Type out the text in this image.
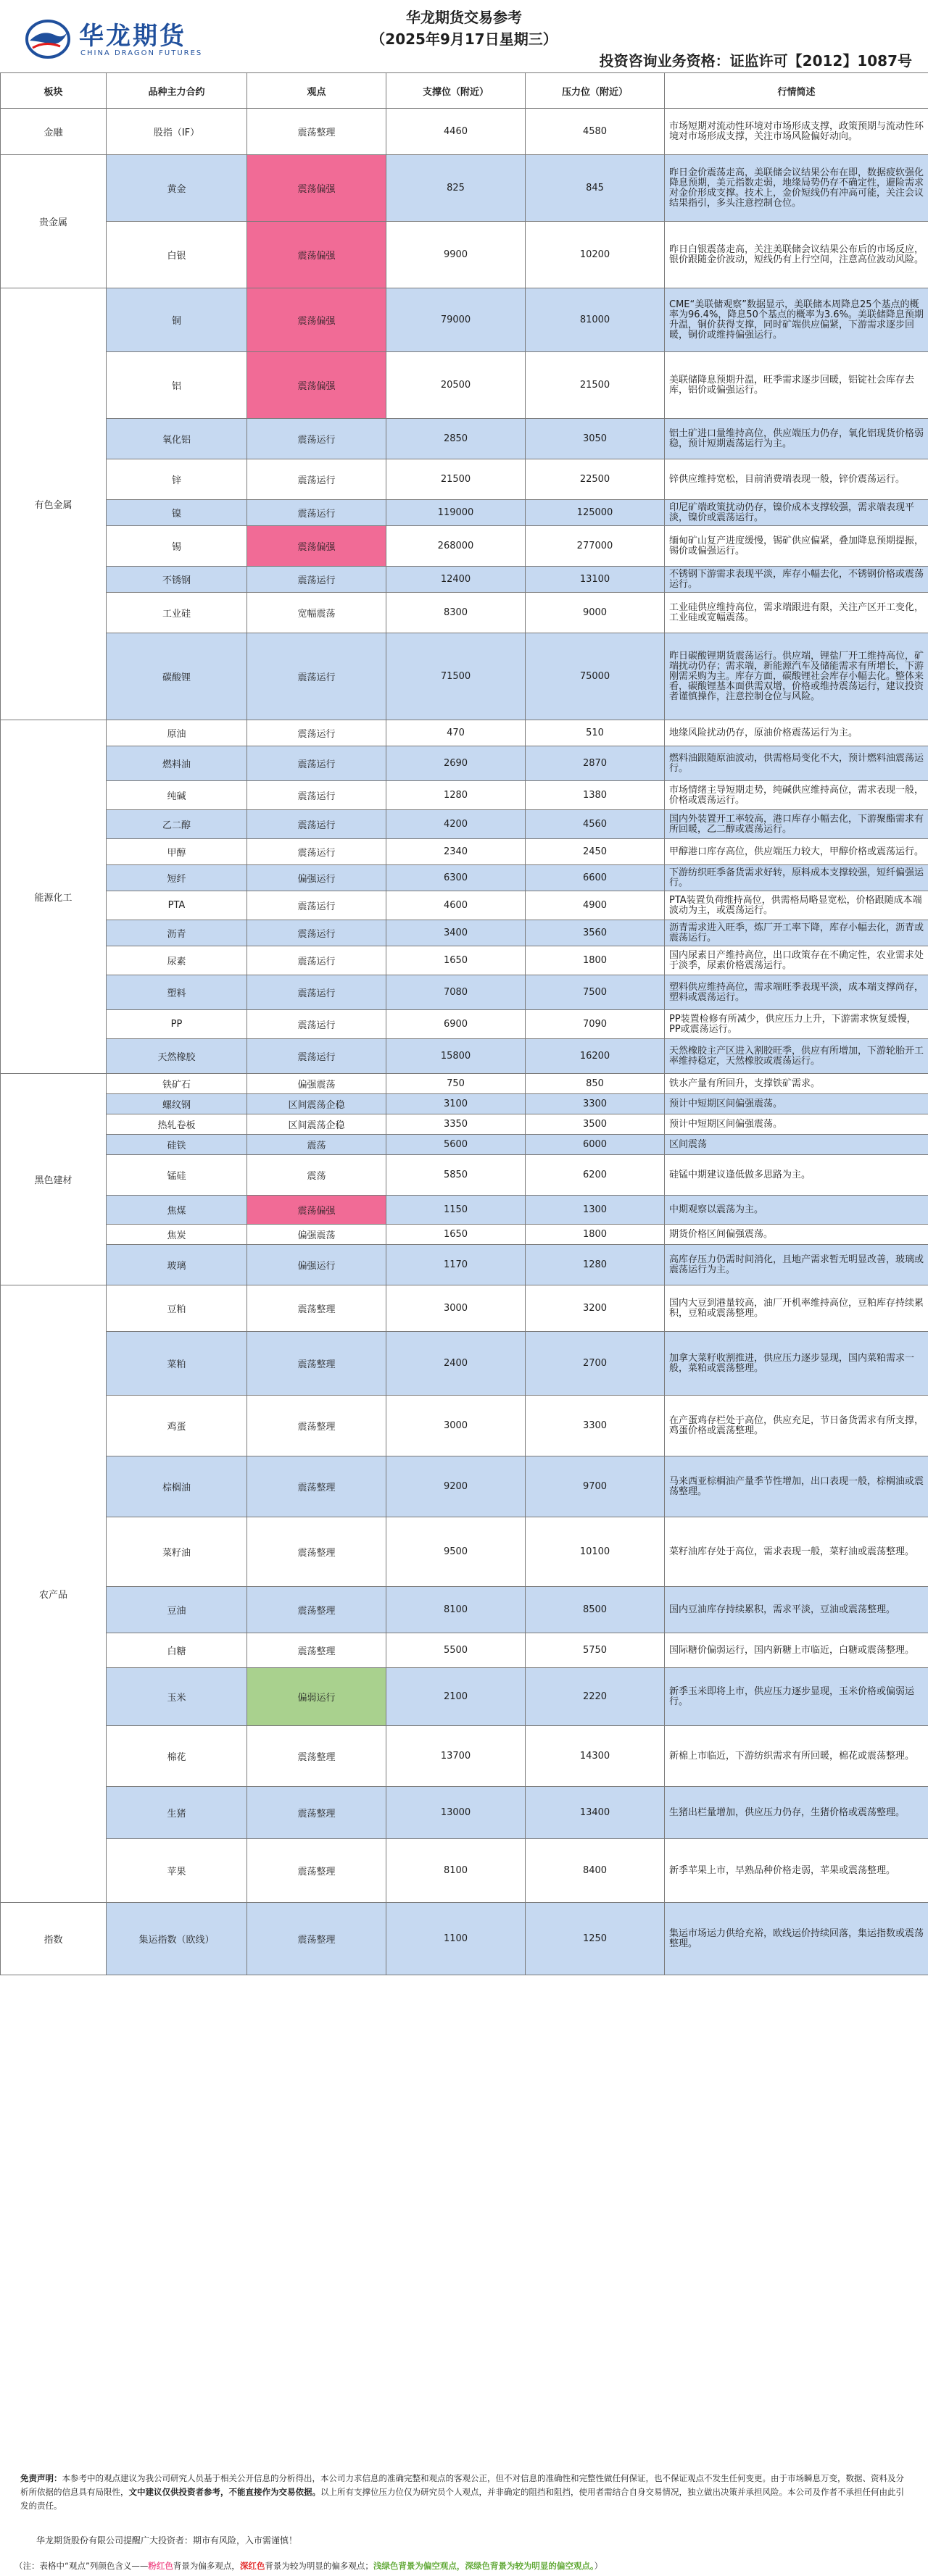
华龙期货
CHINA DRAGON FUTURES
华龙期货交易参考
（2025年9月17日星期三）
投资咨询业务资格：证监许可【2012】1087号
板块	品种主力合约	观点	支撑位（附近）	压力位（附近）	行情简述
金融	股指（IF）	震荡整理	4460	4580	市场短期对流动性环境对市场形成支撑，政策预期与流动性环境对市场形成支撑，关注市场风险偏好动向。
贵金属	黄金	震荡偏强	825	845	昨日金价震荡走高，美联储会议结果公布在即，数据疲软强化降息预期，美元指数走弱，地缘局势仍存不确定性，避险需求对金价形成支撑。技术上，金价短线仍有冲高可能，关注会议结果指引，多头注意控制仓位。
	白银	震荡偏强	9900	10200	昨日白银震荡走高，关注美联储会议结果公布后的市场反应，银价跟随金价波动，短线仍有上行空间，注意高位波动风险。
有色金属	铜	震荡偏强	79000	81000	CME“美联储观察”数据显示，美联储本周降息25个基点的概率为96.4%，降息50个基点的概率为3.6%。美联储降息预期升温，铜价获得支撑，同时矿端供应偏紧，下游需求逐步回暖，铜价或维持偏强运行。
	铝	震荡偏强	20500	21500	美联储降息预期升温，旺季需求逐步回暖，铝锭社会库存去库，铝价或偏强运行。
	氧化铝	震荡运行	2850	3050	铝土矿进口量维持高位，供应端压力仍存，氧化铝现货价格弱稳，预计短期震荡运行为主。
	锌	震荡运行	21500	22500	锌供应维持宽松，目前消费端表现一般，锌价震荡运行。
	镍	震荡运行	119000	125000	印尼矿端政策扰动仍存，镍价成本支撑较强，需求端表现平淡，镍价或震荡运行。
	锡	震荡偏强	268000	277000	缅甸矿山复产进度缓慢，锡矿供应偏紧，叠加降息预期提振，锡价或偏强运行。
	不锈钢	震荡运行	12400	13100	不锈钢下游需求表现平淡，库存小幅去化，不锈钢价格或震荡运行。
	工业硅	宽幅震荡	8300	9000	工业硅供应维持高位，需求端跟进有限，关注产区开工变化，工业硅或宽幅震荡。
	碳酸锂	震荡运行	71500	75000	昨日碳酸锂期货震荡运行。供应端，锂盐厂开工维持高位，矿端扰动仍存；需求端，新能源汽车及储能需求有所增长，下游刚需采购为主。库存方面，碳酸锂社会库存小幅去化。整体来看，碳酸锂基本面供需双增，价格或维持震荡运行，建议投资者谨慎操作，注意控制仓位与风险。
能源化工	原油	震荡运行	470	510	地缘风险扰动仍存，原油价格震荡运行为主。
	燃料油	震荡运行	2690	2870	燃料油跟随原油波动，供需格局变化不大，预计燃料油震荡运行。
	纯碱	震荡运行	1280	1380	市场情绪主导短期走势，纯碱供应维持高位，需求表现一般，价格或震荡运行。
	乙二醇	震荡运行	4200	4560	国内外装置开工率较高，港口库存小幅去化，下游聚酯需求有所回暖，乙二醇或震荡运行。
	甲醇	震荡运行	2340	2450	甲醇港口库存高位，供应端压力较大，甲醇价格或震荡运行。
	短纤	偏强运行	6300	6600	下游纺织旺季备货需求好转，原料成本支撑较强，短纤偏强运行。
	PTA	震荡运行	4600	4900	PTA装置负荷维持高位，供需格局略显宽松，价格跟随成本端波动为主，或震荡运行。
	沥青	震荡运行	3400	3560	沥青需求进入旺季，炼厂开工率下降，库存小幅去化，沥青或震荡运行。
	尿素	震荡运行	1650	1800	国内尿素日产维持高位，出口政策存在不确定性，农业需求处于淡季，尿素价格震荡运行。
	塑料	震荡运行	7080	7500	塑料供应维持高位，需求端旺季表现平淡，成本端支撑尚存，塑料或震荡运行。
	PP	震荡运行	6900	7090	PP装置检修有所减少，供应压力上升，下游需求恢复缓慢，PP或震荡运行。
	天然橡胶	震荡运行	15800	16200	天然橡胶主产区进入割胶旺季，供应有所增加，下游轮胎开工率维持稳定，天然橡胶或震荡运行。
黑色建材	铁矿石	偏强震荡	750	850	铁水产量有所回升，支撑铁矿需求。
	螺纹钢	区间震荡企稳	3100	3300	预计中短期区间偏强震荡。
	热轧卷板	区间震荡企稳	3350	3500	预计中短期区间偏强震荡。
	硅铁	震荡	5600	6000	区间震荡
	锰硅	震荡	5850	6200	硅锰中期建议逢低做多思路为主。
	焦煤	震荡偏强	1150	1300	中期观察以震荡为主。
	焦炭	偏强震荡	1650	1800	期货价格区间偏强震荡。
	玻璃	偏强运行	1170	1280	高库存压力仍需时间消化，且地产需求暂无明显改善，玻璃或震荡运行为主。
农产品	豆粕	震荡整理	3000	3200	国内大豆到港量较高，油厂开机率维持高位，豆粕库存持续累积，豆粕或震荡整理。
	菜粕	震荡整理	2400	2700	加拿大菜籽收割推进，供应压力逐步显现，国内菜粕需求一般，菜粕或震荡整理。
	鸡蛋	震荡整理	3000	3300	在产蛋鸡存栏处于高位，供应充足，节日备货需求有所支撑，鸡蛋价格或震荡整理。
	棕榈油	震荡整理	9200	9700	马来西亚棕榈油产量季节性增加，出口表现一般，棕榈油或震荡整理。
	菜籽油	震荡整理	9500	10100	菜籽油库存处于高位，需求表现一般，菜籽油或震荡整理。
	豆油	震荡整理	8100	8500	国内豆油库存持续累积，需求平淡，豆油或震荡整理。
	白糖	震荡整理	5500	5750	国际糖价偏弱运行，国内新糖上市临近，白糖或震荡整理。
	玉米	偏弱运行	2100	2220	新季玉米即将上市，供应压力逐步显现，玉米价格或偏弱运行。
	棉花	震荡整理	13700	14300	新棉上市临近，下游纺织需求有所回暖，棉花或震荡整理。
	生猪	震荡整理	13000	13400	生猪出栏量增加，供应压力仍存，生猪价格或震荡整理。
	苹果	震荡整理	8100	8400	新季苹果上市，早熟品种价格走弱，苹果或震荡整理。
指数	集运指数（欧线）	震荡整理	1100	1250	集运市场运力供给充裕，欧线运价持续回落，集运指数或震荡整理。
免责声明：本参考中的观点建议为我公司研究人员基于相关公开信息的分析得出，本公司力求信息的准确完整和观点的客观公正，但不对信息的准确性和完整性做任何保证，也不保证观点不发生任何变更。由于市场瞬息万变，数据、资料及分析所依据的信息具有局限性，文中建议仅供投资者参考，不能直接作为交易依据。以上所有支撑位压力位仅为研究员个人观点，并非确定的阻挡和阻挡，使用者需结合自身交易情况，独立做出决策并承担风险。本公司及作者不承担任何由此引发的责任。
华龙期货股份有限公司提醒广大投资者：期市有风险，入市需谨慎！
（注：表格中“观点”列颜色含义——粉红色背景为偏多观点，深红色背景为较为明显的偏多观点；浅绿色背景为偏空观点，深绿色背景为较为明显的偏空观点。）
